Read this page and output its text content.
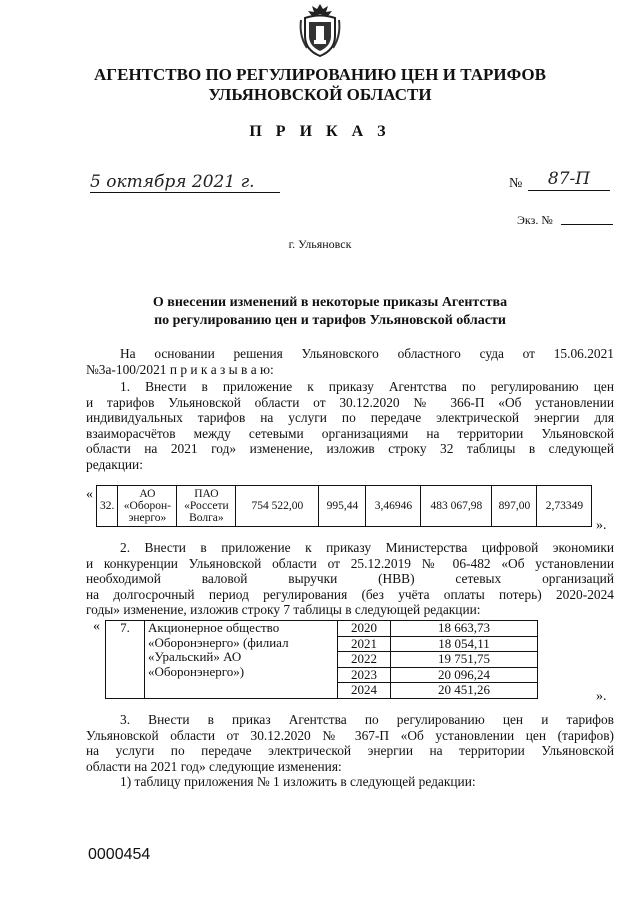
АГЕНТСТВО ПО РЕГУЛИРОВАНИЮ ЦЕН И ТАРИФОВ
УЛЬЯНОВСКОЙ ОБЛАСТИ
П Р И К А З
5 октября 2021 г.	№	87-П
Экз. №
г. Ульяновск
О внесении изменений в некоторые приказы Агентства
по регулированию цен и тарифов Ульяновской области
На основании решения Ульяновского областного суда от 15.06.2021
№3а-100/2021 п р и к а з ы в а ю:
1. Внести в приложение к приказу Агентства по регулированию цен
и тарифов Ульяновской области от 30.12.2020 № 366-П «Об установлении
индивидуальных тарифов на услуги по передаче электрической энергии для
взаиморасчётов между сетевыми организациями на территории Ульяновской
области на 2021 год» изменение, изложив строку 32 таблицы в следующей
редакции:
«
32.	АО «Оборон-энерго»	ПАО «Россети Волга»	754 522,00	995,44	3,46946	483 067,98	897,00	2,73349
».
2. Внести в приложение к приказу Министерства цифровой экономики
и конкуренции Ульяновской области от 25.12.2019 № 06-482 «Об установлении
необходимой валовой выручки (НВВ) сетевых организаций
на долгосрочный период регулирования (без учёта оплаты потерь) 2020-2024
годы» изменение, изложив строку 7 таблицы в следующей редакции:
« 7.	Акционерное общество «Оборонэнерго» (филиал «Уральский» АО «Оборонэнерго»)	2020	18 663,73
		2021	18 054,11
		2022	19 751,75
		2023	20 096,24
		2024	20 451,26	».
3. Внести в приказ Агентства по регулированию цен и тарифов
Ульяновской области от 30.12.2020 № 367-П «Об установлении цен (тарифов)
на услуги по передаче электрической энергии на территории Ульяновской
области на 2021 год» следующие изменения:
1) таблицу приложения № 1 изложить в следующей редакции:
0000454
